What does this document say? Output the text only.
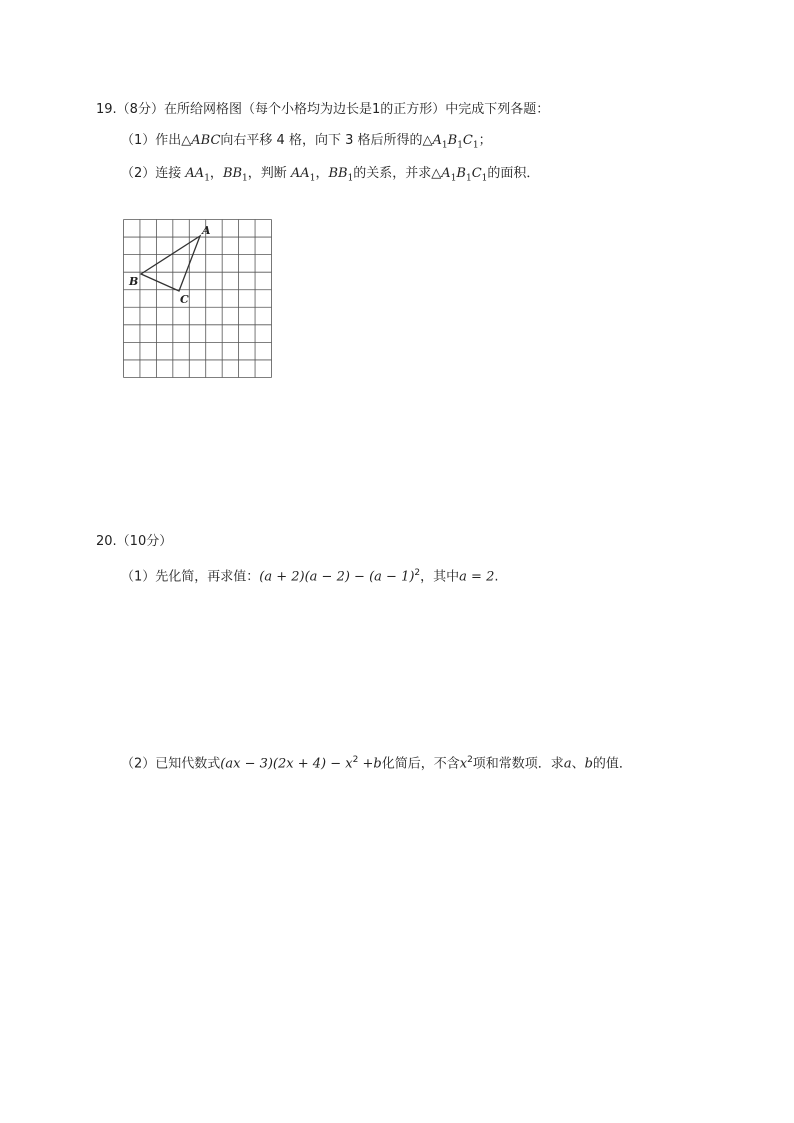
19.（8分）在所给网格图（每个小格均为边长是1的正方形）中完成下列各题：
（1）作出△ABC向右平移 4 格，向下 3 格后所得的$\triangle A_1B_1C_1$；
（2）连接 $AA_1$，$BB_1$，判断 $AA_1$，$BB_1$的关系，并求$\triangle A_1B_1C_1$的面积．
A
B
C
20.（10分）
（1）先化简，再求值：$(a + 2)(a - 2) - (a - 1)^2$，其中a = 2.
（2）已知代数式$(ax - 3)(2x + 4) - x^2 +b$化简后，不含$x^2$项和常数项．求a、b的值．
